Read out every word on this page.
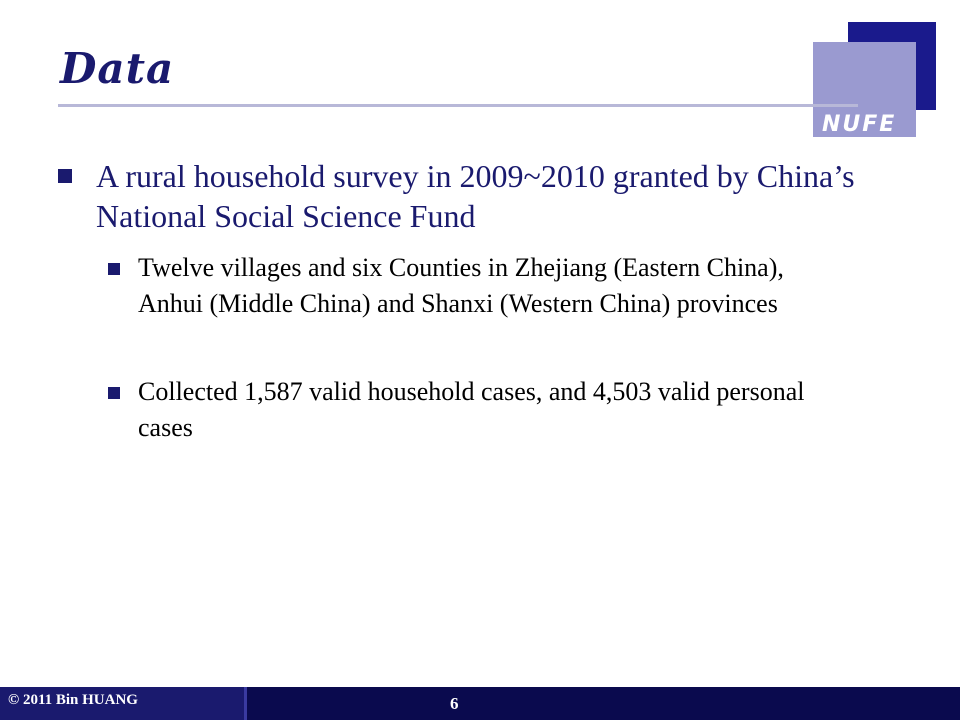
NUFE
Data
A rural household survey in 2009~2010 granted by China’s National Social Science Fund
Twelve villages and six Counties in Zhejiang (Eastern China), Anhui (Middle China) and Shanxi (Western China) provinces
Collected 1,587 valid household cases, and 4,503 valid personal cases
© 2011 Bin HUANG	6
